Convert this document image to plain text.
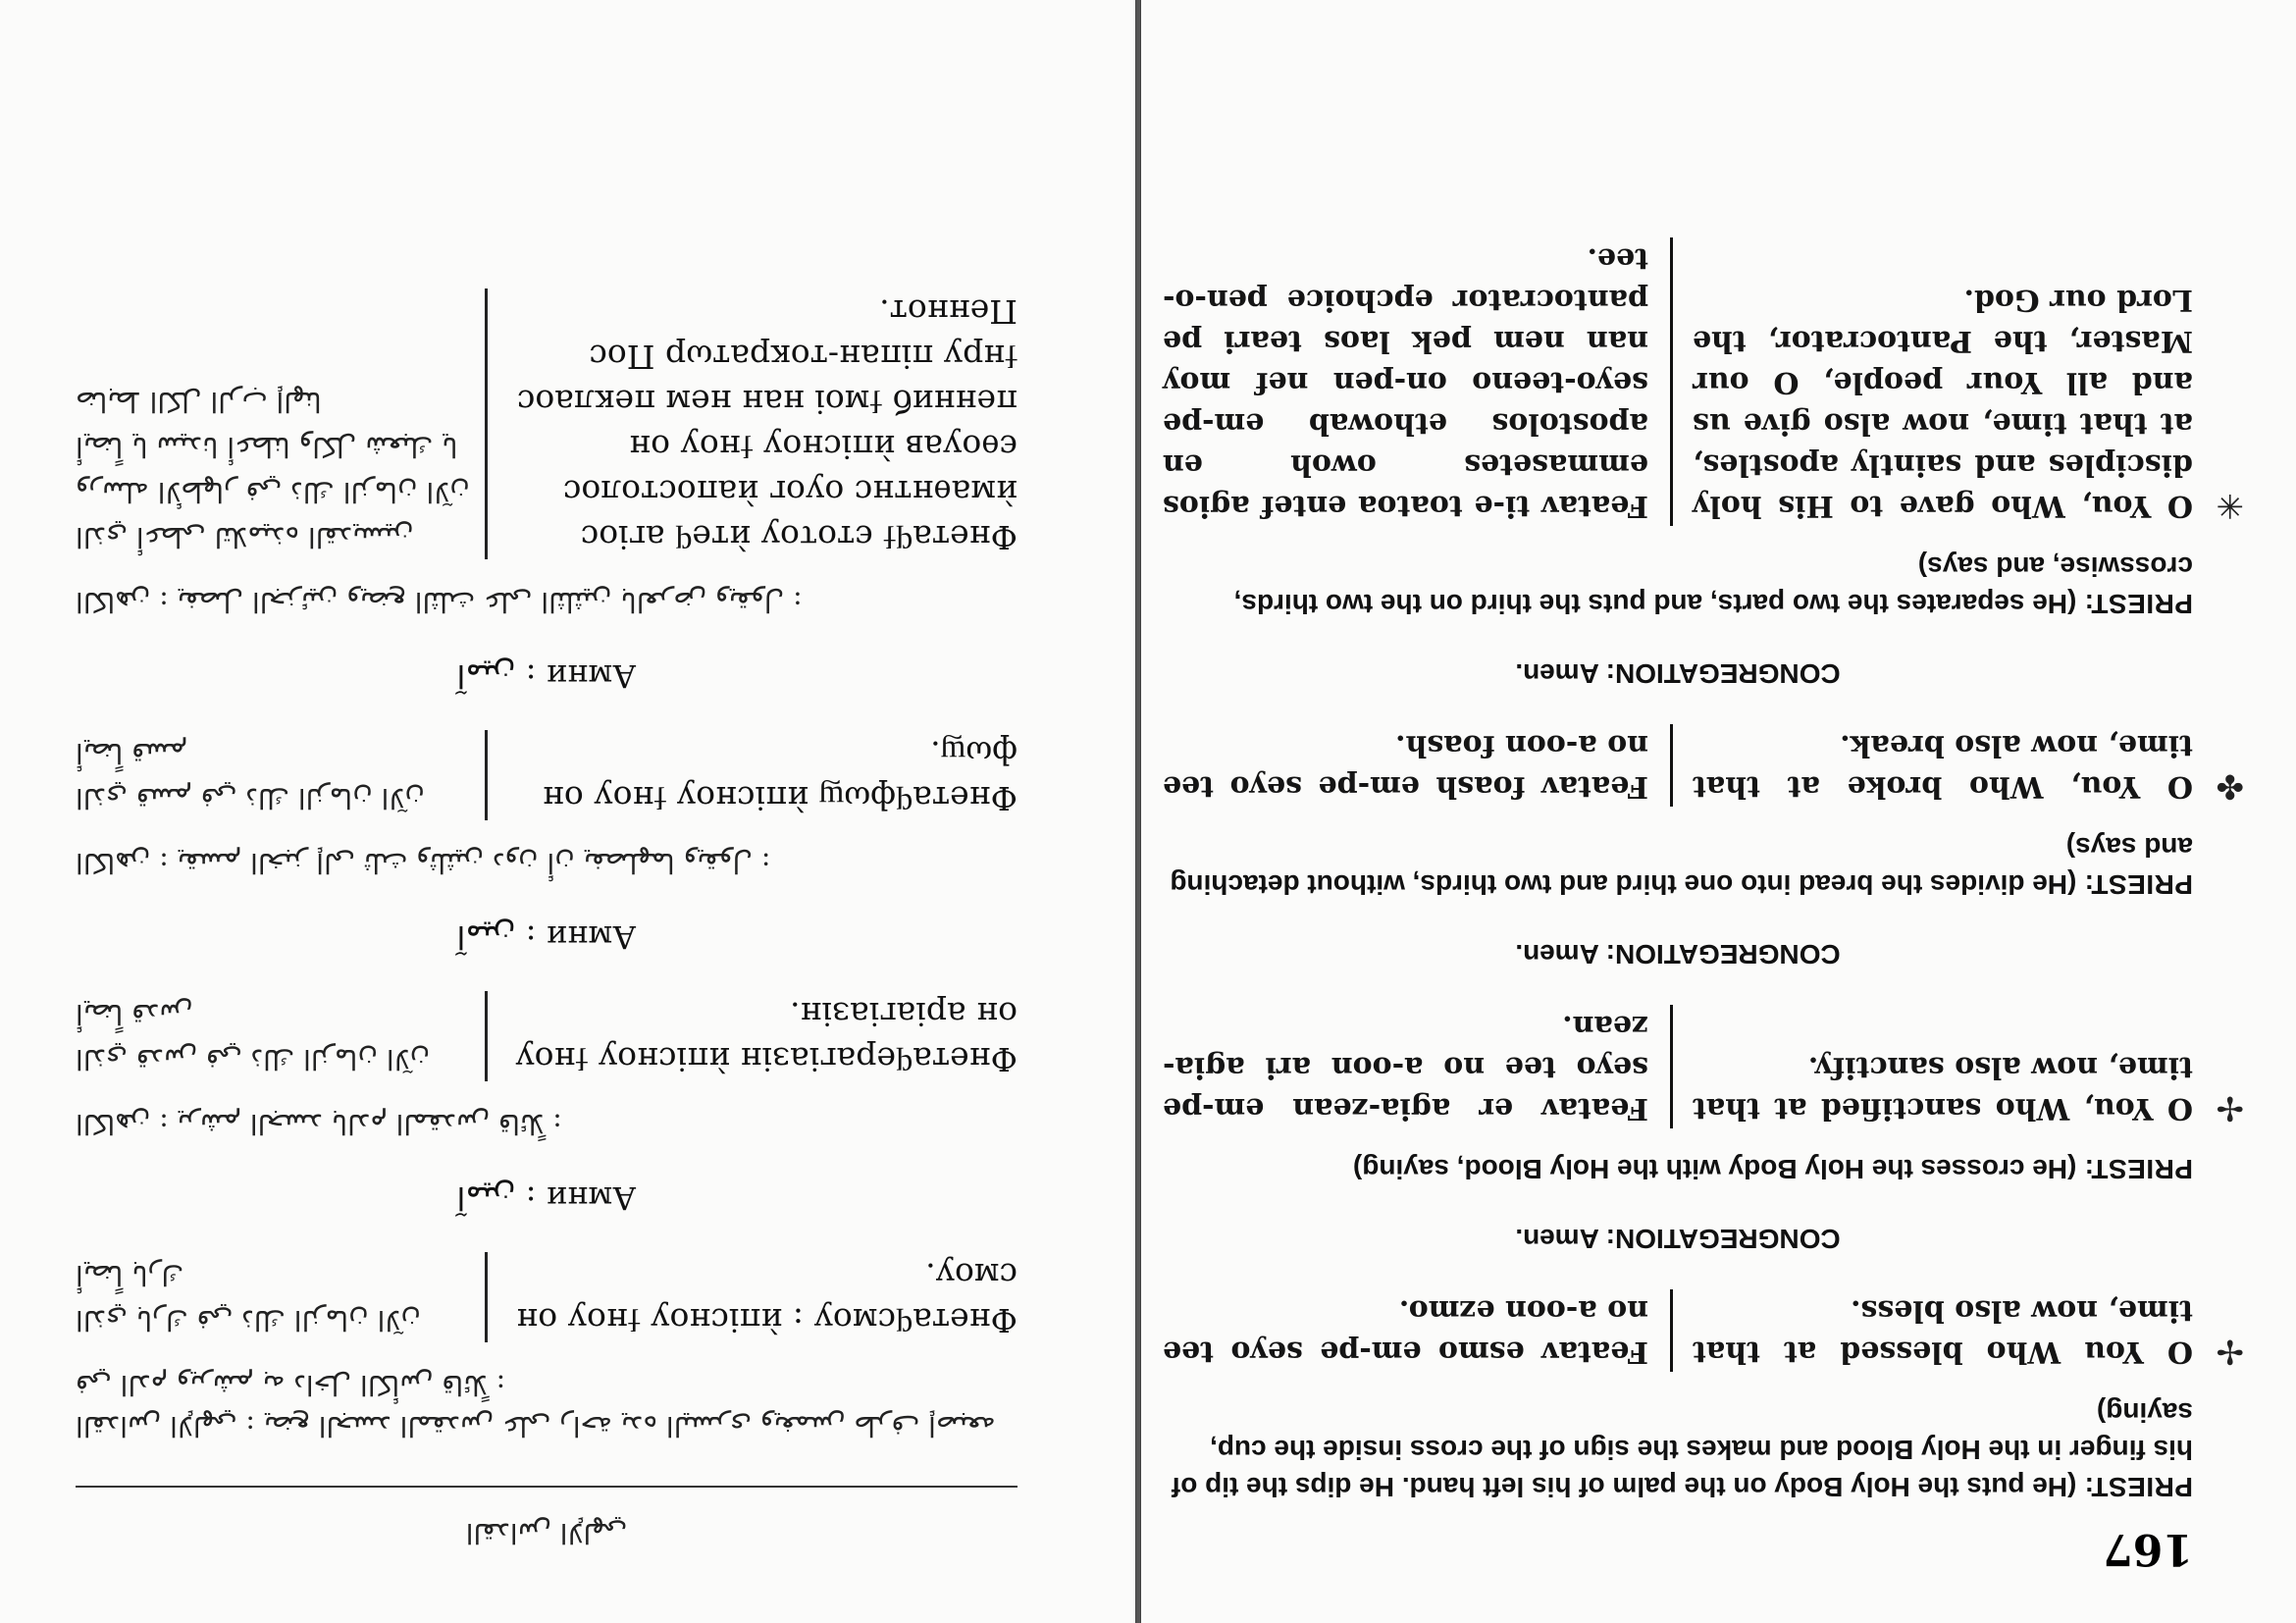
167

PRIEST: (He puts the Holy Body on the palm of his left hand. He dips the tip of his finger in the Holy Blood and makes the sign of the cross inside the cup, saying)

✢
O You Who blessed at that time, now also bless.
Featav esmo em-pe seyo tee no a-oon ezmo.

CONGREGATION: Amen.

PRIEST: (He crosses the Holy Body with the Holy Blood, saying)

✢
O You, Who sanctified at that time, now also sanctify.
Featav er agia-zean em-pe seyo tee no a-oon ari agia-zean.

CONGREGATION: Amen.

PRIEST: (He divides the bread into one third and two thirds, without detaching and says)

✤
O You, Who broke at that time, now also break.
Featav foash em-pe seyo tee no a-oon foash.

CONGREGATION: Amen.

PRIEST: (He separates the two parts, and puts the third on the two thirds, crosswise, and says)

✳
O You, Who gave to His holy disciples and saintly apostles, at that time, now also give us and all Your people, O our Master, the Pantocrator, the Lord our God.
Featav ti-e toatoa entef agios emmasetes owoh en apostolos ethowab em-pe seyo-teeno on-pen nef moy nan nem pek laos teari pe pantocrator epchoice pen-o-tee.
القداس الإلهي

القداس الإلهي : يضع الجسد المقدس على راحة يده اليسرى ويغمس طرف إصبعه في الدم ويرشم به داخل الكأس قائلاً :

Фнетаϥсмоу : ѝпісноу ϯноу он смоу.
الذي بارك في ذلك الزمان الآن أيضاً بارك

Амни : آمين

الكاهن : يرشم الجسد بالدم المقدس قائلاً :

Фнетаϥерагіазін ѝпісноу ϯноу он аріагіазін.
الذي قدس في ذلك الزمان الآن أيضاً قدس

Амни : آمين

الكاهن : يقسم الخبز إلى ثلث وثلثين دون أن يفصلهما ويقول :

Фнетаϥфωϣ ѝпісноу ϯноу он фωϣ.
الذي قسم في ذلك الزمان الآن أيضاً قسم

Амни : آمين

الكاهن : يفصل الجزئين ويضع الثلث على الثلثين بالعرض ويقول :

Фнетаϥϯ єтоτоу ѝтеϥ агіос ѝмаѳнтнс оуог ѝапостолос єѳоуав ѝпісноу ϯноу он пенниб ϯмоі нан нем пеклаос ϯнру піпан-тократωр Пос Пеннот.
الذي أعطى لتلاميذه القديسين ورسله الأطهار في ذلك الزمان الآن أيضاً يا سيدنا أعطنا ولكل شعبك يا ضابط الكل الرب إلهنا
